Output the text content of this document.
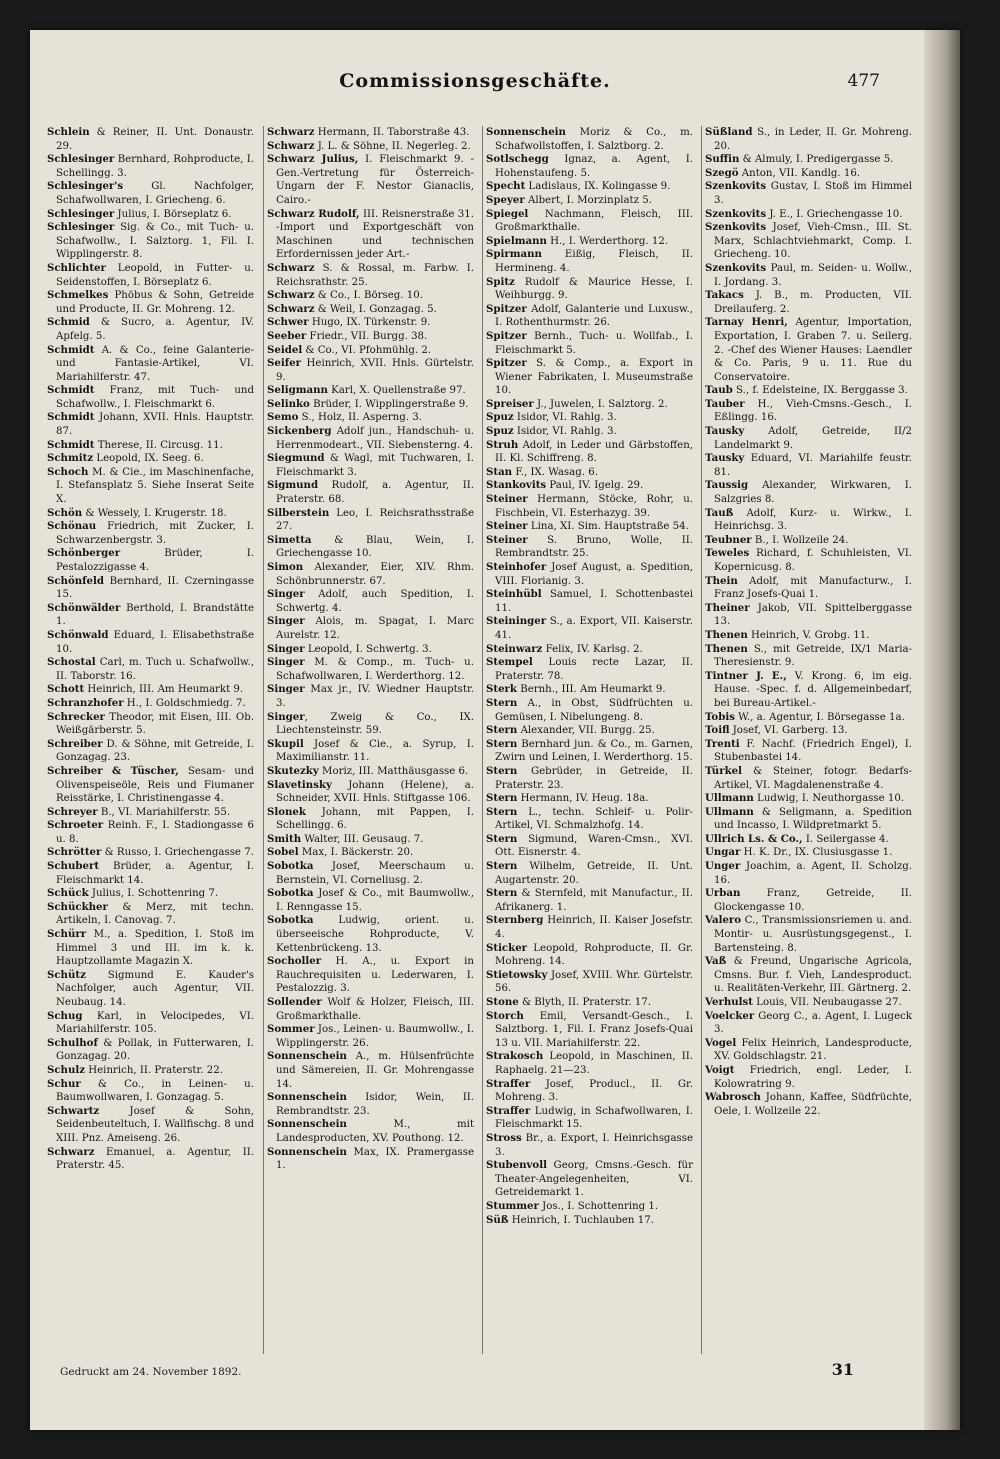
Commissionsgeschäfte.	477

Schlein & Reiner, II. Unt. Donaustr. 29.

Schlesinger Bernhard, Rohproducte, I. Schellingg. 3.

Schlesinger's Gl. Nachfolger, Schafwollwaren, I. Griecheng. 6.

Schlesinger Julius, I. Börseplatz 6.

Schlesinger Sig. & Co., mit Tuch- u. Schafwollw., I. Salztorg. 1, Fil. I. Wipplingerstr. 8.

Schlichter Leopold, in Futter- u. Seidenstoffen, I. Börseplatz 6.

Schmelkes Phöbus & Sohn, Getreide und Producte, II. Gr. Mohreng. 12.

Schmid & Sucro, a. Agentur, IV. Apfelg. 5.

Schmidt A. & Co., feine Galanterie- und Fantasie-Artikel, VI. Mariahilferstr. 47.

Schmidt Franz, mit Tuch- und Schafwollw., I. Fleischmarkt 6.

Schmidt Johann, XVII. Hnls. Hauptstr. 87.

Schmidt Therese, II. Circusg. 11.

Schmitz Leopold, IX. Seeg. 6.

Schoch M. & Cie., im Maschinenfache, I. Stefansplatz 5. Siehe Inserat Seite X.

Schön & Wessely, I. Krugerstr. 18.

Schönau Friedrich, mit Zucker, I. Schwarzenbergstr. 3.

Schönberger Brüder, I. Pestalozzigasse 4.

Schönfeld Bernhard, II. Czerningasse 15.

Schönwälder Berthold, I. Brandstätte 1.

Schönwald Eduard, I. Elisabethstraße 10.

Schostal Carl, m. Tuch u. Schafwollw., II. Taborstr. 16.

Schott Heinrich, III. Am Heumarkt 9.

Schranzhofer H., I. Goldschmiedg. 7.

Schrecker Theodor, mit Eisen, III. Ob. Weißgärberstr. 5.

Schreiber D. & Söhne, mit Getreide, I. Gonzagag. 23.

Schreiber & Tüscher, Sesam- und Olivenspeiseöle, Reis und Fiumaner Reisstärke, I. Christinengasse 4.

Schreyer B., VI. Mariahilferstr. 55.

Schroeter Reinh. F., I. Stadiongasse 6 u. 8.

Schrötter & Russo, I. Griechengasse 7.

Schubert Brüder, a. Agentur, I. Fleischmarkt 14.

Schück Julius, I. Schottenring 7.

Schückher & Merz, mit techn. Artikeln, I. Canovag. 7.

Schürr M., a. Spedition, I. Stoß im Himmel 3 und III. im k. k. Hauptzollamte Magazin X.

Schütz Sigmund E. Kauder's Nachfolger, auch Agentur, VII. Neubaug. 14.

Schug Karl, in Velocipedes, VI. Mariahilferstr. 105.

Schulhof & Pollak, in Futterwaren, I. Gonzagag. 20.

Schulz Heinrich, II. Praterstr. 22.

Schur & Co., in Leinen- u. Baumwollwaren, I. Gonzagag. 5.

Schwartz Josef & Sohn, Seidenbeuteltuch, I. Wallfischg. 8 und XIII. Pnz. Ameiseng. 26.

Schwarz Emanuel, a. Agentur, II. Praterstr. 45.

Schwarz Hermann, II. Taborstraße 43.

Schwarz J. L. & Söhne, II. Negerleg. 2.

Schwarz Julius, I. Fleischmarkt 9. -Gen.-Vertretung für Österreich-Ungarn der F. Nestor Gianaclis, Cairo.-

Schwarz Rudolf, III. Reisnerstraße 31. -Import und Exportgeschäft von Maschinen und technischen Erfordernissen jeder Art.-

Schwarz S. & Rossal, m. Farbw. I. Reichsrathstr. 25.

Schwarz & Co., I. Börseg. 10.

Schwarz & Weil, I. Gonzagag. 5.

Schwer Hugo, IX. Türkenstr. 9.

Seeber Friedr., VII. Burgg. 38.

Seidel & Co., VI. Pfohmühlg. 2.

Seifer Heinrich, XVII. Hnls. Gürtelstr. 9.

Seligmann Karl, X. Quellenstraße 97.

Selinko Brüder, I. Wipplingerstraße 9.

Semo S., Holz, II. Asperng. 3.

Sickenberg Adolf jun., Handschuh- u. Herrenmodeart., VII. Siebensterng. 4.

Siegmund & Wagl, mit Tuchwaren, I. Fleischmarkt 3.

Sigmund Rudolf, a. Agentur, II. Praterstr. 68.

Silberstein Leo, I. Reichsrathsstraße 27.

Simetta & Blau, Wein, I. Griechengasse 10.

Simon Alexander, Eier, XIV. Rhm. Schönbrunnerstr. 67.

Singer Adolf, auch Spedition, I. Schwertg. 4.

Singer Alois, m. Spagat, I. Marc Aurelstr. 12.

Singer Leopold, I. Schwertg. 3.

Singer M. & Comp., m. Tuch- u. Schafwollwaren, I. Werderthorg. 12.

Singer Max jr., IV. Wiedner Hauptstr. 3.

Singer, Zweig & Co., IX. Liechtensteinstr. 59.

Skupil Josef & Cie., a. Syrup, I. Maximilianstr. 11.

Skutezky Moriz, III. Matthäusgasse 6.

Slavetinsky Johann (Helene), a. Schneider, XVII. Hnls. Stiftgasse 106.

Slonek Johann, mit Pappen, I. Schellingg. 6.

Smith Walter, III. Geusaug. 7.

Sobel Max, I. Bäckerstr. 20.

Sobotka Josef, Meerschaum u. Bernstein, VI. Corneliusg. 2.

Sobotka Josef & Co., mit Baumwollw., I. Renngasse 15.

Sobotka Ludwig, orient. u. überseeische Rohproducte, V. Kettenbrückeng. 13.

Socholler H. A., u. Export in Rauchrequisiten u. Lederwaren, I. Pestalozzig. 3.

Sollender Wolf & Holzer, Fleisch, III. Großmarkthalle.

Sommer Jos., Leinen- u. Baumwollw., I. Wipplingerstr. 26.

Sonnenschein A., m. Hülsenfrüchte und Sämereien, II. Gr. Mohrengasse 14.

Sonnenschein Isidor, Wein, II. Rembrandtstr. 23.

Sonnenschein M., mit Landesproducten, XV. Pouthong. 12.

Sonnenschein Max, IX. Pramergasse 1.

Sonnenschein Moriz & Co., m. Schafwollstoffen, I. Salztborg. 2.

Sotlschegg Ignaz, a. Agent, I. Hohenstaufeng. 5.

Specht Ladislaus, IX. Kolingasse 9.

Speyer Albert, I. Morzinplatz 5.

Spiegel Nachmann, Fleisch, III. Großmarkthalle.

Spielmann H., I. Werderthorg. 12.

Spirmann Eißig, Fleisch, II. Hermineng. 4.

Spitz Rudolf & Maurice Hesse, I. Weihburgg. 9.

Spitzer Adolf, Galanterie und Luxusw., I. Rothenthurmstr. 26.

Spitzer Bernh., Tuch- u. Wollfab., I. Fleischmarkt 5.

Spitzer S. & Comp., a. Export in Wiener Fabrikaten, I. Museumstraße 10.

Spreiser J., Juwelen, I. Salztorg. 2.

Spuz Isidor, VI. Rahlg. 3.

Spuz Isidor, VI. Rahlg. 3.

Struh Adolf, in Leder und Gärbstoffen, II. Kl. Schiffreng. 8.

Stan F., IX. Wasag. 6.

Stankovits Paul, IV. Igelg. 29.

Steiner Hermann, Stöcke, Rohr, u. Fischbein, VI. Esterhazyg. 39.

Steiner Lina, XI. Sim. Hauptstraße 54.

Steiner S. Bruno, Wolle, II. Rembrandtstr. 25.

Steinhofer Josef August, a. Spedition, VIII. Florianig. 3.

Steinhübl Samuel, I. Schottenbastei 11.

Steininger S., a. Export, VII. Kaiserstr. 41.

Steinwarz Felix, IV. Karlsg. 2.

Stempel Louis recte Lazar, II. Praterstr. 78.

Sterk Bernh., III. Am Heumarkt 9.

Stern A., in Obst, Südfrüchten u. Gemüsen, I. Nibelungeng. 8.

Stern Alexander, VII. Burgg. 25.

Stern Bernhard jun. & Co., m. Garnen, Zwirn und Leinen, I. Werderthorg. 15.

Stern Gebrüder, in Getreide, II. Praterstr. 23.

Stern Hermann, IV. Heug. 18a.

Stern L., techn. Schleif- u. Polir-Artikel, VI. Schmalzhofg. 14.

Stern Sigmund, Waren-Cmsn., XVI. Ott. Eisnerstr. 4.

Stern Wilhelm, Getreide, II. Unt. Augartenstr. 20.

Stern & Sternfeld, mit Manufactur., II. Afrikanerg. 1.

Sternberg Heinrich, II. Kaiser Josefstr. 4.

Sticker Leopold, Rohproducte, II. Gr. Mohreng. 14.

Stietowsky Josef, XVIII. Whr. Gürtelstr. 56.

Stone & Blyth, II. Praterstr. 17.

Storch Emil, Versandt-Gesch., I. Salztborg. 1, Fil. I. Franz Josefs-Quai 13 u. VII. Mariahilferstr. 22.

Strakosch Leopold, in Maschinen, II. Raphaelg. 21—23.

Straffer Josef, Producl., II. Gr. Mohreng. 3.

Straffer Ludwig, in Schafwollwaren, I. Fleischmarkt 15.

Stross Br., a. Export, I. Heinrichsgasse 3.

Stubenvoll Georg, Cmsns.-Gesch. für Theater-Angelegenheiten, VI. Getreidemarkt 1.

Stummer Jos., I. Schottenring 1.

Süß Heinrich, I. Tuchlauben 17.

Süßland S., in Leder, II. Gr. Mohreng. 20.

Suffin & Almuly, I. Predigergasse 5.

Szegö Anton, VII. Kandlg. 16.

Szenkovits Gustav, I. Stoß im Himmel 3.

Szenkovits J. E., I. Griechengasse 10.

Szenkovits Josef, Vieh-Cmsn., III. St. Marx, Schlachtviehmarkt, Comp. I. Griecheng. 10.

Szenkovits Paul, m. Seiden- u. Wollw., I. Jordang. 3.

Takacs J. B., m. Producten, VII. Dreilauferg. 2.

Tarnay Henri, Agentur, Importation, Exportation, I. Graben 7. u. Seilerg. 2. -Chef des Wiener Hauses: Laendler & Co. Paris, 9 u. 11. Rue du Conservatoire.

Taub S., f. Edelsteine, IX. Berggasse 3.

Tauber H., Vieh-Cmsns.-Gesch., I. Eßlingg. 16.

Tausky Adolf, Getreide, II/2 Landelmarkt 9.

Tausky Eduard, VI. Mariahilfe feustr. 81.

Taussig Alexander, Wirkwaren, I. Salzgries 8.

Tauß Adolf, Kurz- u. Wirkw., I. Heinrichsg. 3.

Teubner B., I. Wollzeile 24.

Teweles Richard, f. Schuhleisten, VI. Kopernicusg. 8.

Thein Adolf, mit Manufacturw., I. Franz Josefs-Quai 1.

Theiner Jakob, VII. Spittelberggasse 13.

Thenen Heinrich, V. Grobg. 11.

Thenen S., mit Getreide, IX/1 Maria-Theresienstr. 9.

Tintner J. E., V. Krong. 6, im eig. Hause. -Spec. f. d. Allgemeinbedarf, bei Bureau-Artikel.-

Tobis W., a. Agentur, I. Börsegasse 1a.

Toifl Josef, VI. Garberg. 13.

Trenti F. Nachf. (Friedrich Engel), I. Stubenbastei 14.

Türkel & Steiner, fotogr. Bedarfs-Artikel, VI. Magdalenenstraße 4.

Ullmann Ludwig, I. Neuthorgasse 10.

Ullmann & Seligmann, a. Spedition und Incasso, I. Wildpretmarkt 5.

Ullrich Ls. & Co., I. Seilergasse 4.

Ungar H. K. Dr., IX. Clusiusgasse 1.

Unger Joachim, a. Agent, II. Scholzg. 16.

Urban Franz, Getreide, II. Glockengasse 10.

Valero C., Transmissionsriemen u. and. Montir- u. Ausrüstungsgegenst., I. Bartensteing. 8.

Vaß & Freund, Ungarische Agricola, Cmsns. Bur. f. Vieh, Landesproduct. u. Realitäten-Verkehr, III. Gärtnerg. 2.

Verhulst Louis, VII. Neubaugasse 27.

Voelcker Georg C., a. Agent, I. Lugeck 3.

Vogel Felix Heinrich, Landesproducte, XV. Goldschlagstr. 21.

Voigt Friedrich, engl. Leder, I. Kolowratring 9.

Wabrosch Johann, Kaffee, Südfrüchte, Oele, I. Wollzeile 22.

Gedruckt am 24. November 1892.	31
